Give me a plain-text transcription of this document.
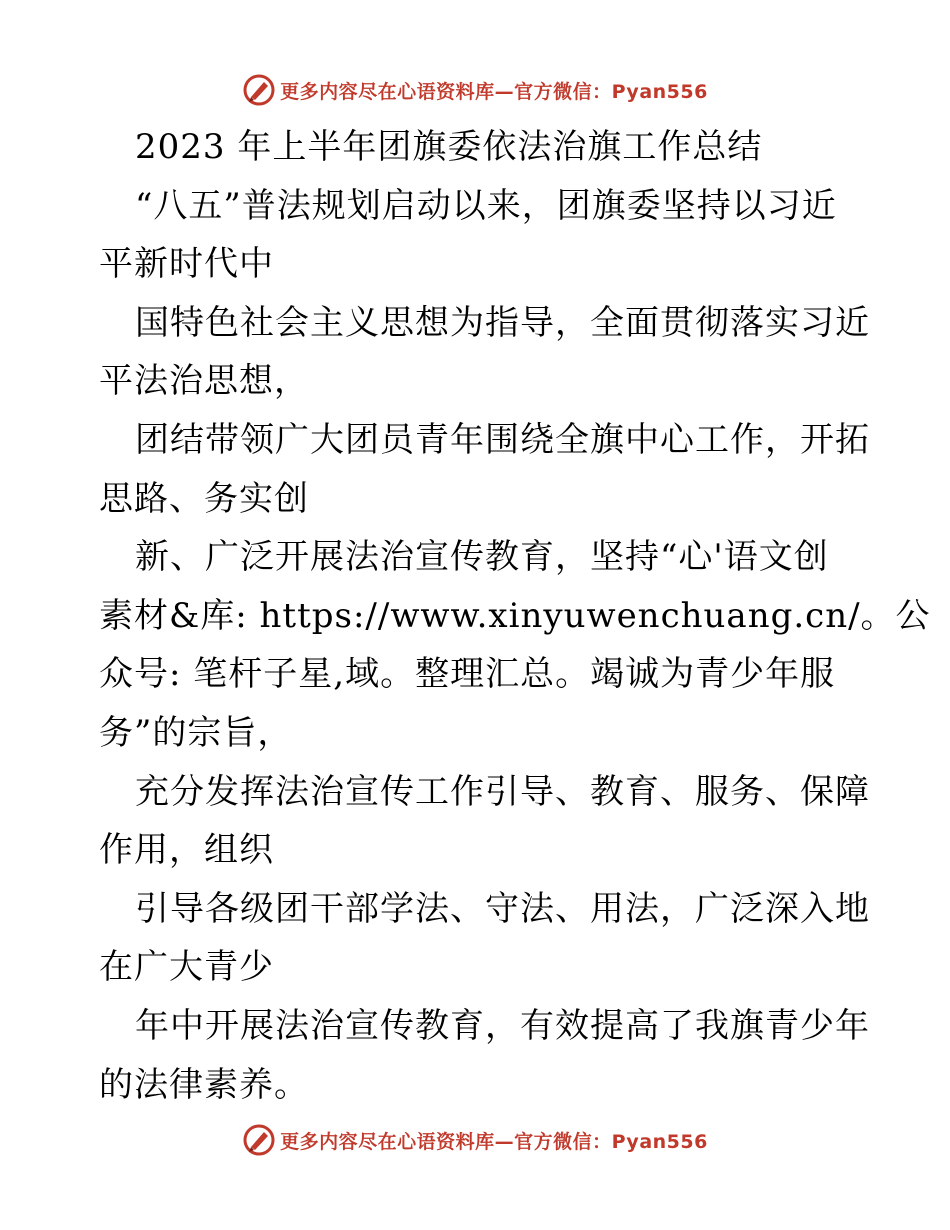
更多内容尽在心语资料库—官方微信：Pyan556
2023 年上半年团旗委依法治旗工作总结
“八五”普法规划启动以来，团旗委坚持以习近
平新时代中
国特色社会主义思想为指导，全面贯彻落实习近
平法治思想，
团结带领广大团员青年围绕全旗中心工作，开拓
思路、务实创
新、广泛开展法治宣传教育，坚持“心'语文创
素材&库: https://www.xinyuwenchuang.cn/。公
众号: 笔杆子星,域。整理汇总。竭诚为青少年服
务”的宗旨，
充分发挥法治宣传工作引导、教育、服务、保障
作用，组织
引导各级团干部学法、守法、用法，广泛深入地
在广大青少
年中开展法治宣传教育，有效提高了我旗青少年
的法律素养。
更多内容尽在心语资料库—官方微信：Pyan556
